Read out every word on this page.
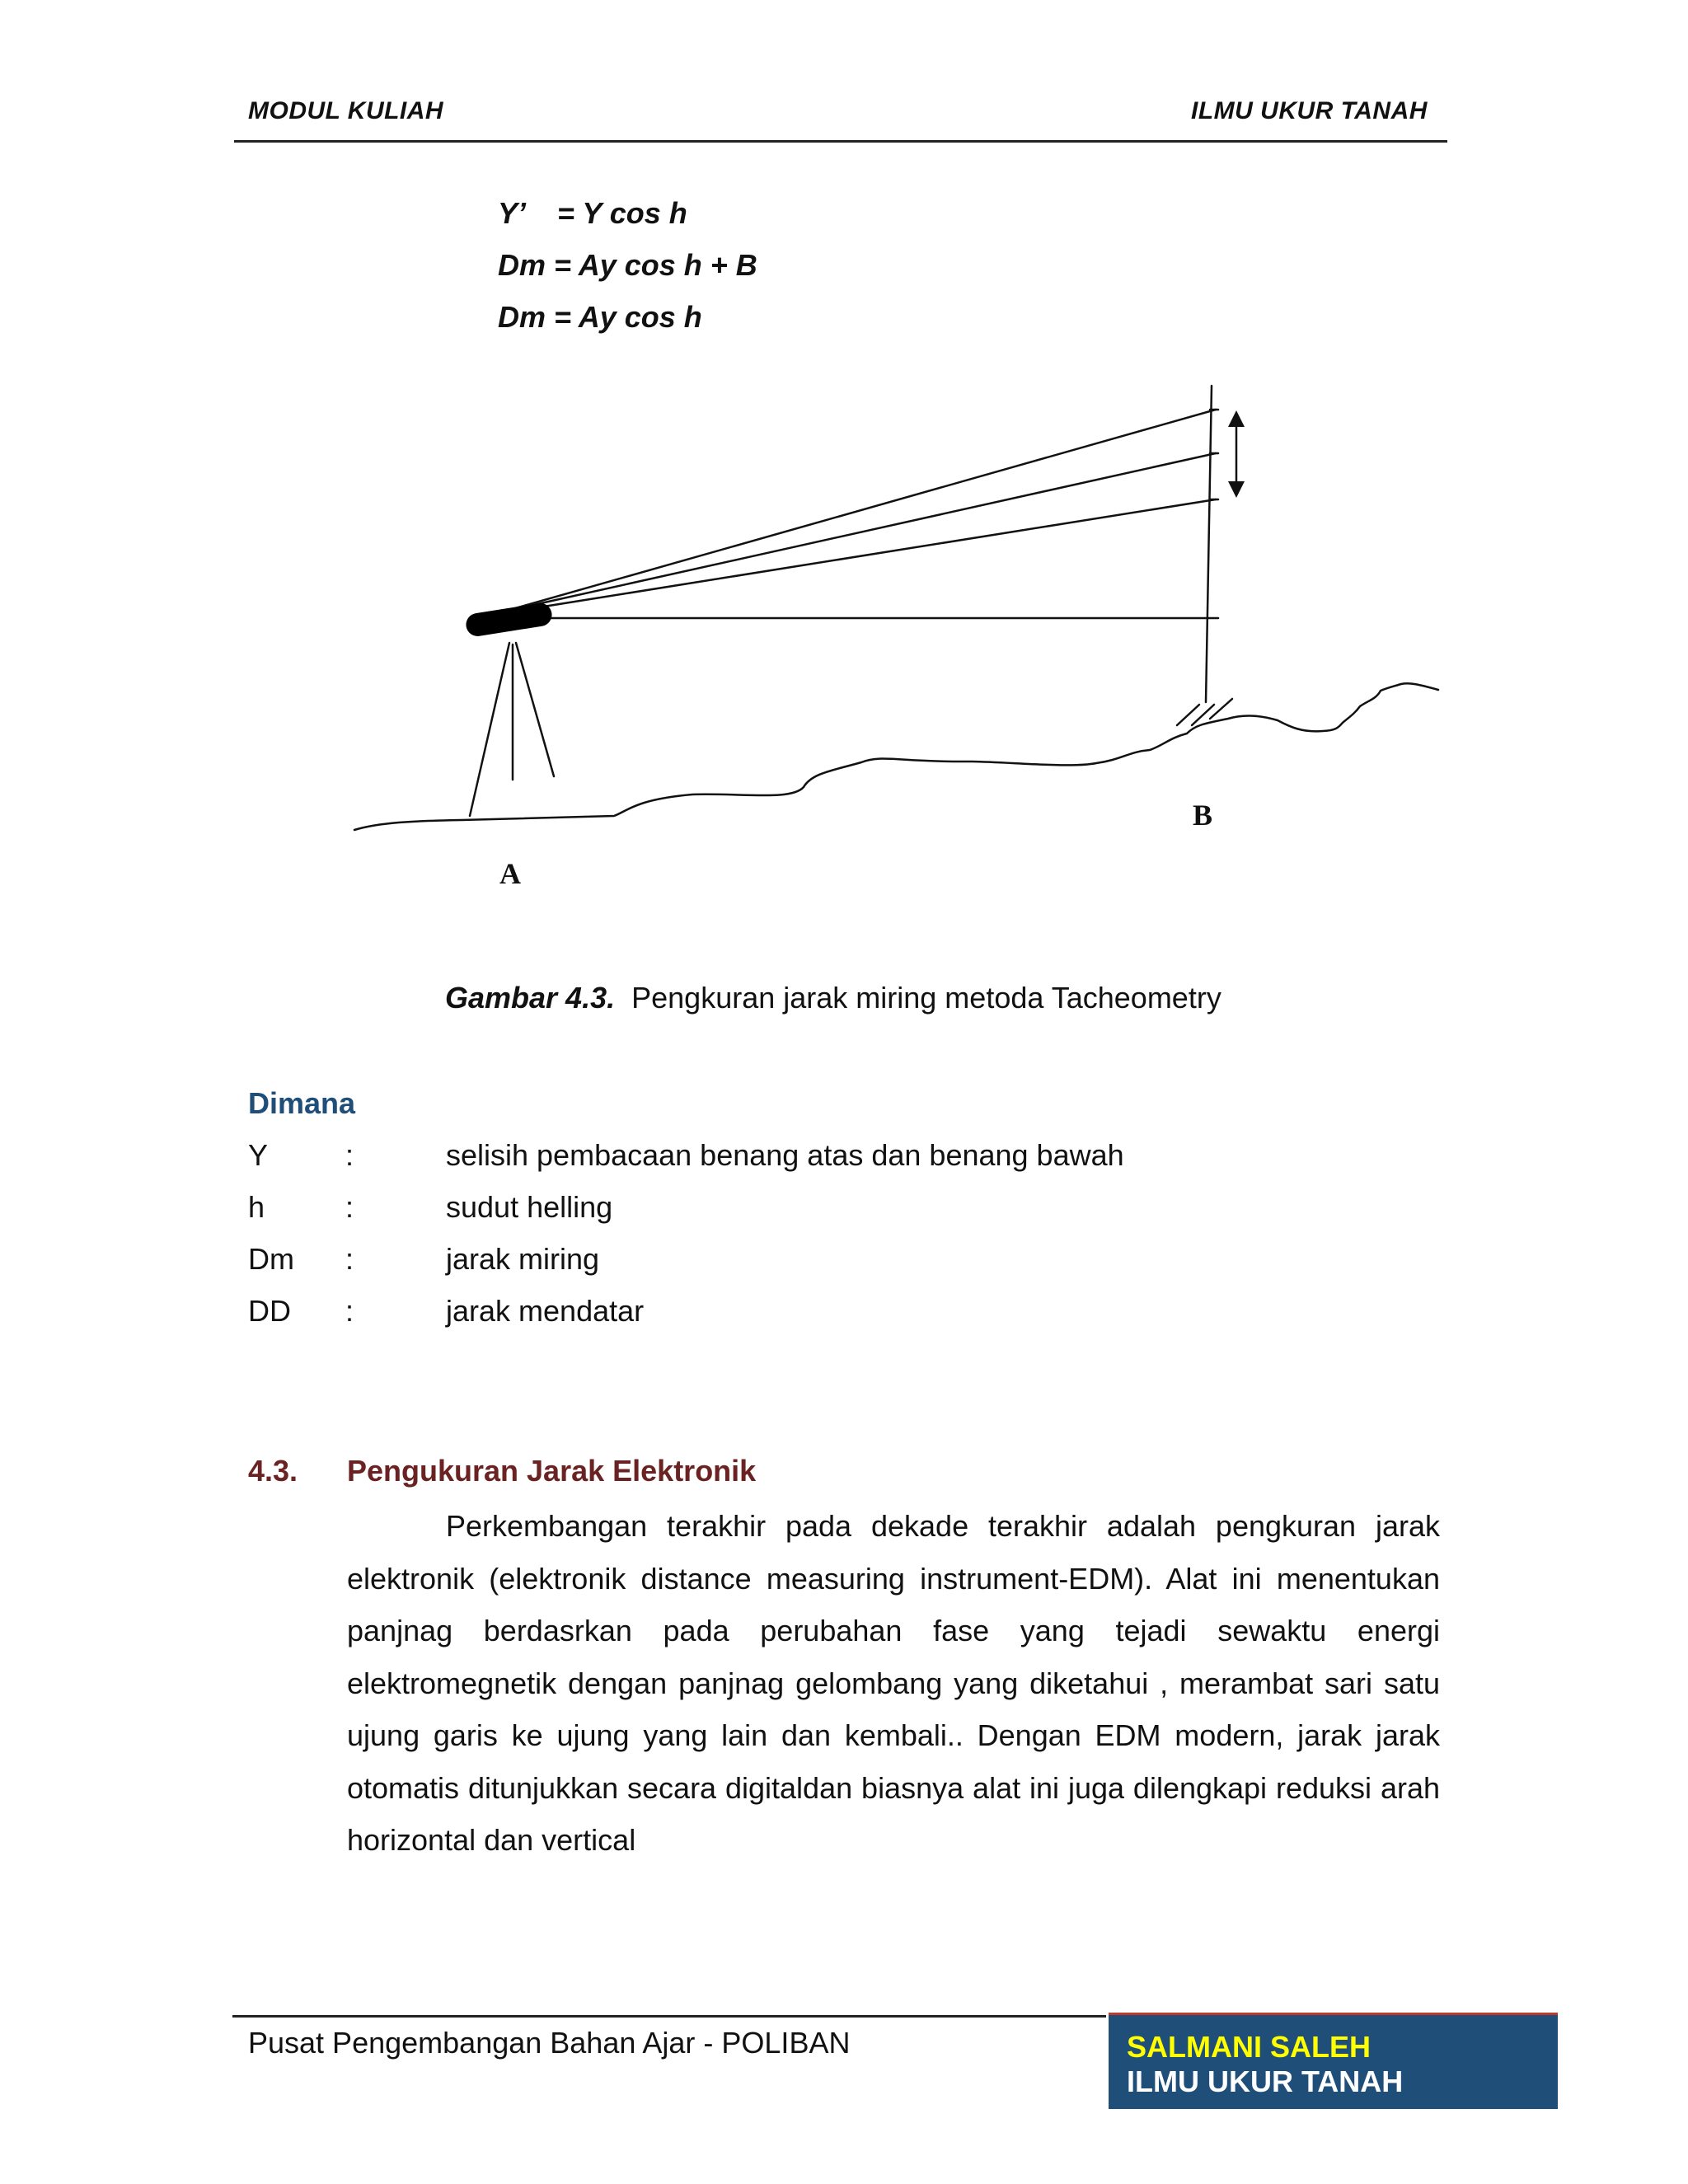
MODUL KULIAH	ILMU UKUR TANAH
Y’ = Y cos h
Dm = Ay cos h + B
Dm = Ay cos h
A
B
Gambar 4.3. Pengkuran jarak miring metoda Tacheometry
Dimana
Y	:	selisih pembacaan benang atas dan benang bawah
h	:	sudut helling
Dm :	jarak miring
DD :	jarak mendatar
4.3. Pengukuran Jarak Elektronik
Perkembangan terakhir pada dekade terakhir adalah pengkuran jarak elektronik (elektronik distance measuring instrument-EDM). Alat ini menentukan panjnag berdasrkan pada perubahan fase yang tejadi sewaktu energi elektromegnetik dengan panjnag gelombang yang diketahui , merambat sari satu ujung garis ke ujung yang lain dan kembali.. Dengan EDM modern, jarak jarak otomatis ditunjukkan secara digitaldan biasnya alat ini juga dilengkapi reduksi arah horizontal dan vertical
Pusat Pengembangan Bahan Ajar - POLIBAN	SALMANI SALEH
ILMU UKUR TANAH
